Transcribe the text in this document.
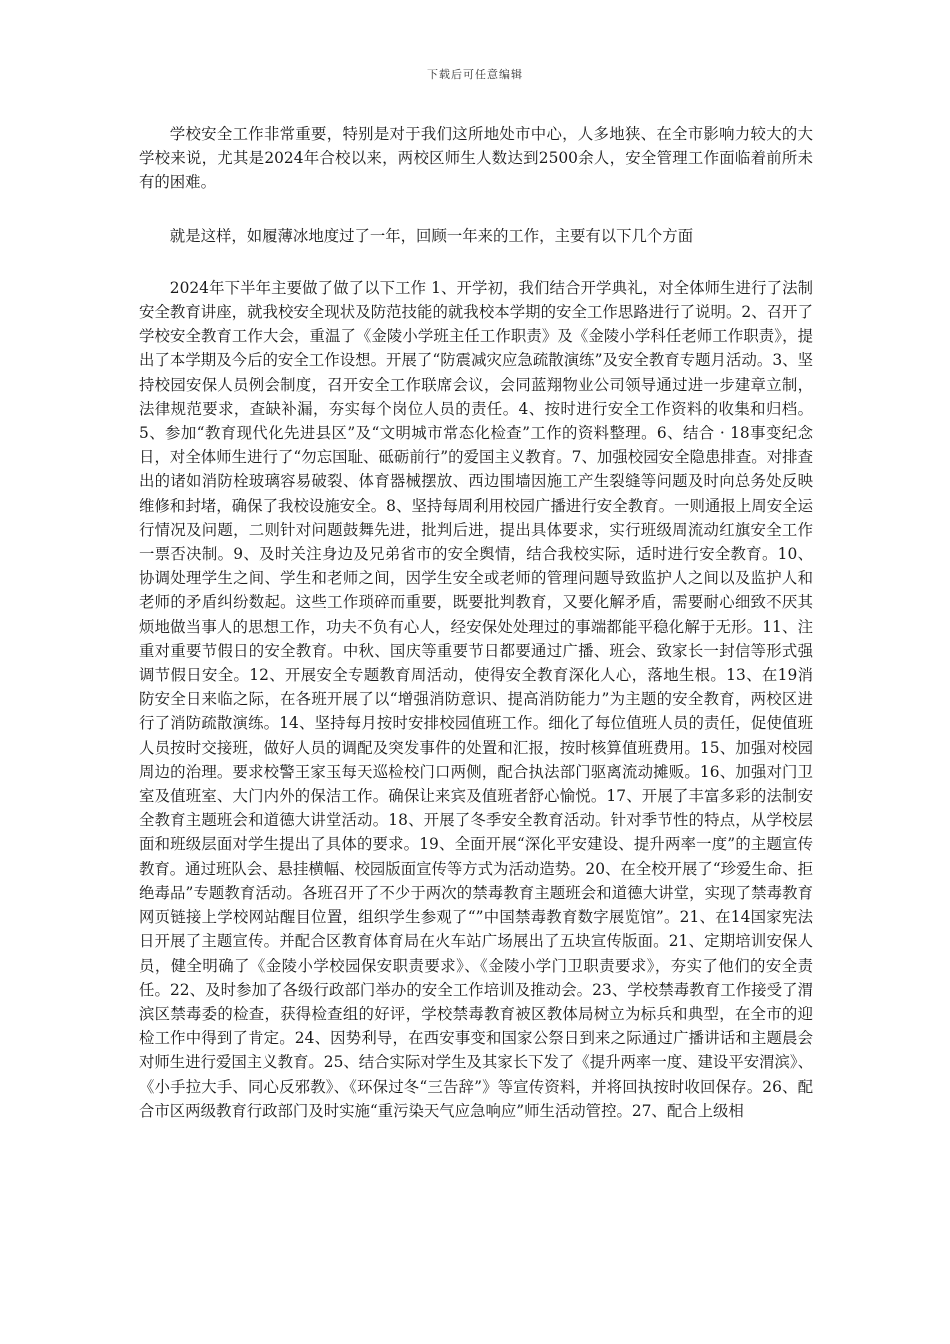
下载后可任意编辑

学校安全工作非常重要，特别是对于我们这所地处市中心，人多地狭、在全市影响力较大的大学校来说，尤其是2024年合校以来，两校区师生人数达到2500余人，安全管理工作面临着前所未有的困难。

就是这样，如履薄冰地度过了一年，回顾一年来的工作，主要有以下几个方面

2024年下半年主要做了做了以下工作 1、开学初，我们结合开学典礼，对全体师生进行了法制安全教育讲座，就我校安全现状及防范技能的就我校本学期的安全工作思路进行了说明。2、召开了学校安全教育工作大会，重温了《金陵小学班主任工作职责》及《金陵小学科任老师工作职责》，提出了本学期及今后的安全工作设想。开展了“防震减灾应急疏散演练”及安全教育专题月活动。3、坚持校园安保人员例会制度，召开安全工作联席会议，会同蓝翔物业公司领导通过进一步建章立制，法律规范要求，查缺补漏，夯实每个岗位人员的责任。4、按时进行安全工作资料的收集和归档。5、参加“教育现代化先进县区”及“文明城市常态化检查”工作的资料整理。6、结合 · 18事变纪念日，对全体师生进行了“勿忘国耻、砥砺前行”的爱国主义教育。7、加强校园安全隐患排查。对排查出的诸如消防栓玻璃容易破裂、体育器械摆放、西边围墙因施工产生裂缝等问题及时向总务处反映维修和封堵，确保了我校设施安全。8、坚持每周利用校园广播进行安全教育。一则通报上周安全运行情况及问题，二则针对问题鼓舞先进，批判后进，提出具体要求，实行班级周流动红旗安全工作一票否决制。9、及时关注身边及兄弟省市的安全舆情，结合我校实际，适时进行安全教育。10、协调处理学生之间、学生和老师之间，因学生安全或老师的管理问题导致监护人之间以及监护人和老师的矛盾纠纷数起。这些工作琐碎而重要，既要批判教育，又要化解矛盾，需要耐心细致不厌其烦地做当事人的思想工作，功夫不负有心人，经安保处处理过的事端都能平稳化解于无形。11、注重对重要节假日的安全教育。中秋、国庆等重要节日都要通过广播、班会、致家长一封信等形式强调节假日安全。12、开展安全专题教育周活动，使得安全教育深化人心，落地生根。13、在19消防安全日来临之际，在各班开展了以“增强消防意识、提高消防能力”为主题的安全教育，两校区进行了消防疏散演练。14、坚持每月按时安排校园值班工作。细化了每位值班人员的责任，促使值班人员按时交接班，做好人员的调配及突发事件的处置和汇报，按时核算值班费用。15、加强对校园周边的治理。要求校警王家玉每天巡检校门口两侧，配合执法部门驱离流动摊贩。16、加强对门卫室及值班室、大门内外的保洁工作。确保让来宾及值班者舒心愉悦。17、开展了丰富多彩的法制安全教育主题班会和道德大讲堂活动。18、开展了冬季安全教育活动。针对季节性的特点，从学校层面和班级层面对学生提出了具体的要求。19、全面开展“深化平安建设、提升两率一度”的主题宣传教育。通过班队会、悬挂横幅、校园版面宣传等方式为活动造势。20、在全校开展了“珍爱生命、拒绝毒品”专题教育活动。各班召开了不少于两次的禁毒教育主题班会和道德大讲堂，实现了禁毒教育网页链接上学校网站醒目位置，组织学生参观了“”中国禁毒教育数字展览馆”。21、在14国家宪法日开展了主题宣传。并配合区教育体育局在火车站广场展出了五块宣传版面。21、定期培训安保人员，健全明确了《金陵小学校园保安职责要求》、《金陵小学门卫职责要求》，夯实了他们的安全责任。22、及时参加了各级行政部门举办的安全工作培训及推动会。23、学校禁毒教育工作接受了渭滨区禁毒委的检查，获得检查组的好评，学校禁毒教育被区教体局树立为标兵和典型，在全市的迎检工作中得到了肯定。24、因势利导，在西安事变和国家公祭日到来之际通过广播讲话和主题晨会对师生进行爱国主义教育。25、结合实际对学生及其家长下发了《提升两率一度、建设平安渭滨》、《小手拉大手、同心反邪教》、《环保过冬“三告辞”》等宣传资料，并将回执按时收回保存。26、配合市区两级教育行政部门及时实施“重污染天气应急响应”师生活动管控。27、配合上级相
